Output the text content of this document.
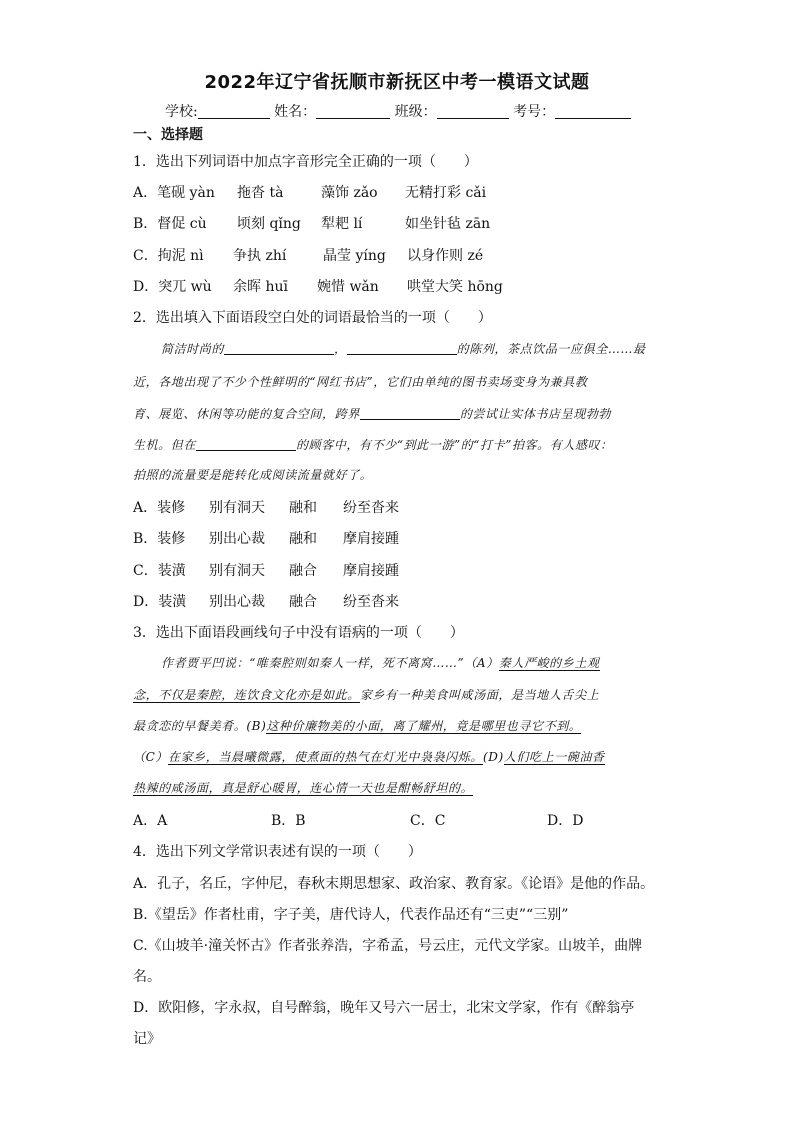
2022年辽宁省抚顺市新抚区中考一模语文试题
学校:	姓名：	班级：	考号：
一、选择题
1．选出下列词语中加点字音形完全正确的一项（　　）
A．笔砚 yàn 拖沓 tà	藻饰 zǎo 无精打彩 cǎi
B．督促 cù 顷刻 qǐng 犁耙 lí	如坐针毡 zān
C．拘泥 nì 争执 zhí	晶莹 yíng 以身作则 zé
D．突兀 wù 余晖 huī 婉惜 wǎn 哄堂大笑 hōng
2．选出填入下面语段空白处的词语最恰当的一项（　　）
简洁时尚的	，	的陈列，茶点饮品一应俱全……最
近，各地出现了不少个性鲜明的“网红书店”，它们由单纯的图书卖场变身为兼具教
育、展览、休闲等功能的复合空间，跨界	的尝试让实体书店呈现勃勃
生机。但在	的顾客中，有不少“到此一游”的“打卡”拍客。有人感叹：
拍照的流量要是能转化成阅读流量就好了。
A．装修 别有洞天 融和 纷至沓来
B．装修 别出心裁 融和 摩肩接踵
C．装潢 别有洞天 融合 摩肩接踵
D．装潢 别出心裁 融合 纷至沓来
3．选出下面语段画线句子中没有语病的一项（　　）
作者贾平凹说：“唯秦腔则如秦人一样，死不离窝……”（A）秦人严峻的乡土观
念，不仅是秦腔，连饮食文化亦是如此。家乡有一种美食叫咸汤面，是当地人舌尖上
最贪恋的早餐美肴。(B)这种价廉物美的小面，离了耀州，竟是哪里也寻它不到。
（C）在家乡，当晨曦微露，使煮面的热气在灯光中袅袅闪烁。(D)人们吃上一碗油香
热辣的咸汤面，真是舒心暖胃，连心情一天也是酣畅舒坦的。
A．A	B．B	C．C	D．D
4．选出下列文学常识表述有误的一项（　　）
A．孔子，名丘，字仲尼，春秋末期思想家、政治家、教育家。《论语》是他的作品。
B.《望岳》作者杜甫，字子美，唐代诗人，代表作品还有“三吏”“三别”
C.《山坡羊·潼关怀古》作者张养浩，字希孟，号云庄，元代文学家。山坡羊，曲牌
名。
D．欧阳修，字永叔，自号醉翁，晚年又号六一居士，北宋文学家，作有《醉翁亭
记》
